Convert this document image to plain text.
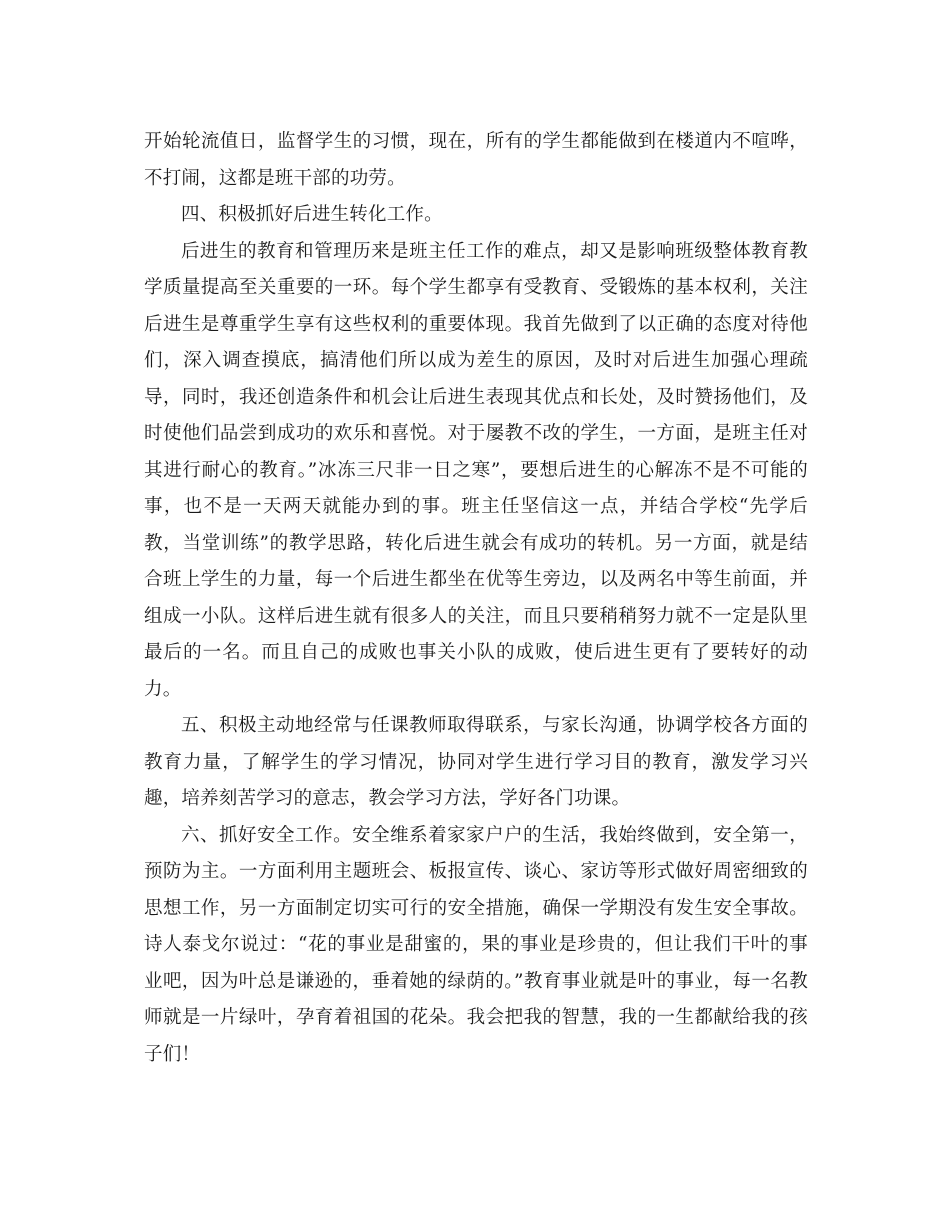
开始轮流值日，监督学生的习惯，现在，所有的学生都能做到在楼道内不喧哗，不打闹，这都是班干部的功劳。

四、积极抓好后进生转化工作。

后进生的教育和管理历来是班主任工作的难点，却又是影响班级整体教育教学质量提高至关重要的一环。每个学生都享有受教育、受锻炼的基本权利，关注后进生是尊重学生享有这些权利的重要体现。我首先做到了以正确的态度对待他们，深入调查摸底，搞清他们所以成为差生的原因，及时对后进生加强心理疏导，同时，我还创造条件和机会让后进生表现其优点和长处，及时赞扬他们，及时使他们品尝到成功的欢乐和喜悦。对于屡教不改的学生，一方面，是班主任对其进行耐心的教育。”冰冻三尺非一日之寒”，要想后进生的心解冻不是不可能的事，也不是一天两天就能办到的事。班主任坚信这一点，并结合学校“先学后教，当堂训练”的教学思路，转化后进生就会有成功的转机。另一方面，就是结合班上学生的力量，每一个后进生都坐在优等生旁边，以及两名中等生前面，并组成一小队。这样后进生就有很多人的关注，而且只要稍稍努力就不一定是队里最后的一名。而且自己的成败也事关小队的成败，使后进生更有了要转好的动力。

五、积极主动地经常与任课教师取得联系，与家长沟通，协调学校各方面的教育力量，了解学生的学习情况，协同对学生进行学习目的教育，激发学习兴趣，培养刻苦学习的意志，教会学习方法，学好各门功课。

六、抓好安全工作。安全维系着家家户户的生活，我始终做到，安全第一，预防为主。一方面利用主题班会、板报宣传、谈心、家访等形式做好周密细致的思想工作，另一方面制定切实可行的安全措施，确保一学期没有发生安全事故。诗人泰戈尔说过：“花的事业是甜蜜的，果的事业是珍贵的，但让我们干叶的事业吧，因为叶总是谦逊的，垂着她的绿荫的。”教育事业就是叶的事业，每一名教师就是一片绿叶，孕育着祖国的花朵。我会把我的智慧，我的一生都献给我的孩子们！
